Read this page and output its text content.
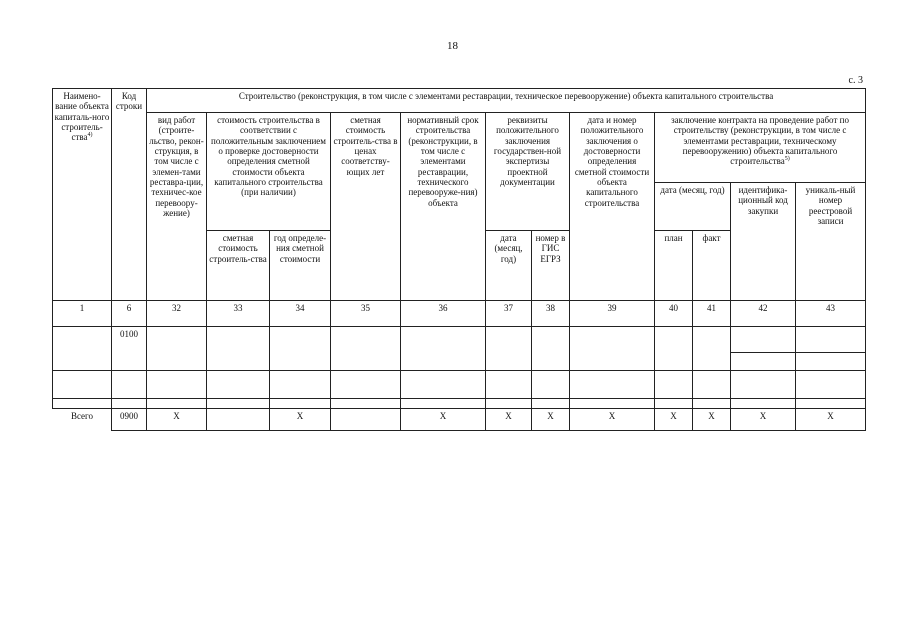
18
с. 3
Наимено-вание объекта капиталь-ного строитель-ства$^{4)}$	Код строки	Строительство (реконструкция, в том числе с элементами реставрации, техническое перевооружение) объекта капитального строительства											
		вид работ (строите-льство, рекон-струкция, в том числе с элемен-тами реставра-ции, техничес-кое перевоору-жение)	стоимость строительства в соответствии с положительным заключением о проверке достоверности определения сметной стоимости объекта капитального строительства (при наличии)		сметная стоимость строитель-ства в ценах соответству-ющих лет	нормативный срок строительства (реконструкции, в том числе с элементами реставрации, технического перевооруже-ния) объекта	реквизиты положительного заключения государствен-ной экспертизы проектной документации		дата и номер положительного заключения о достоверности определения сметной стоимости объекта капитального строительства	заключение контракта на проведение работ по строительству (реконструкции, в том числе с элементами реставрации, техническому перевооружению) объекта капитального строительства$^{5)}$
										дата (месяц, год)		идентифика-ционный код закупки	уникаль-ный номер реестровой записи
			сметная стоимость строитель-ства	год определе-ния сметной стоимости			дата (месяц, год)	номер в ГИС ЕГРЗ		план	факт		

1	6	32	33	34	35	36	37	38	39	40	41	42	43
	0100												

Всего	0900	X		X		X	X	X	X	X	X	X	X
